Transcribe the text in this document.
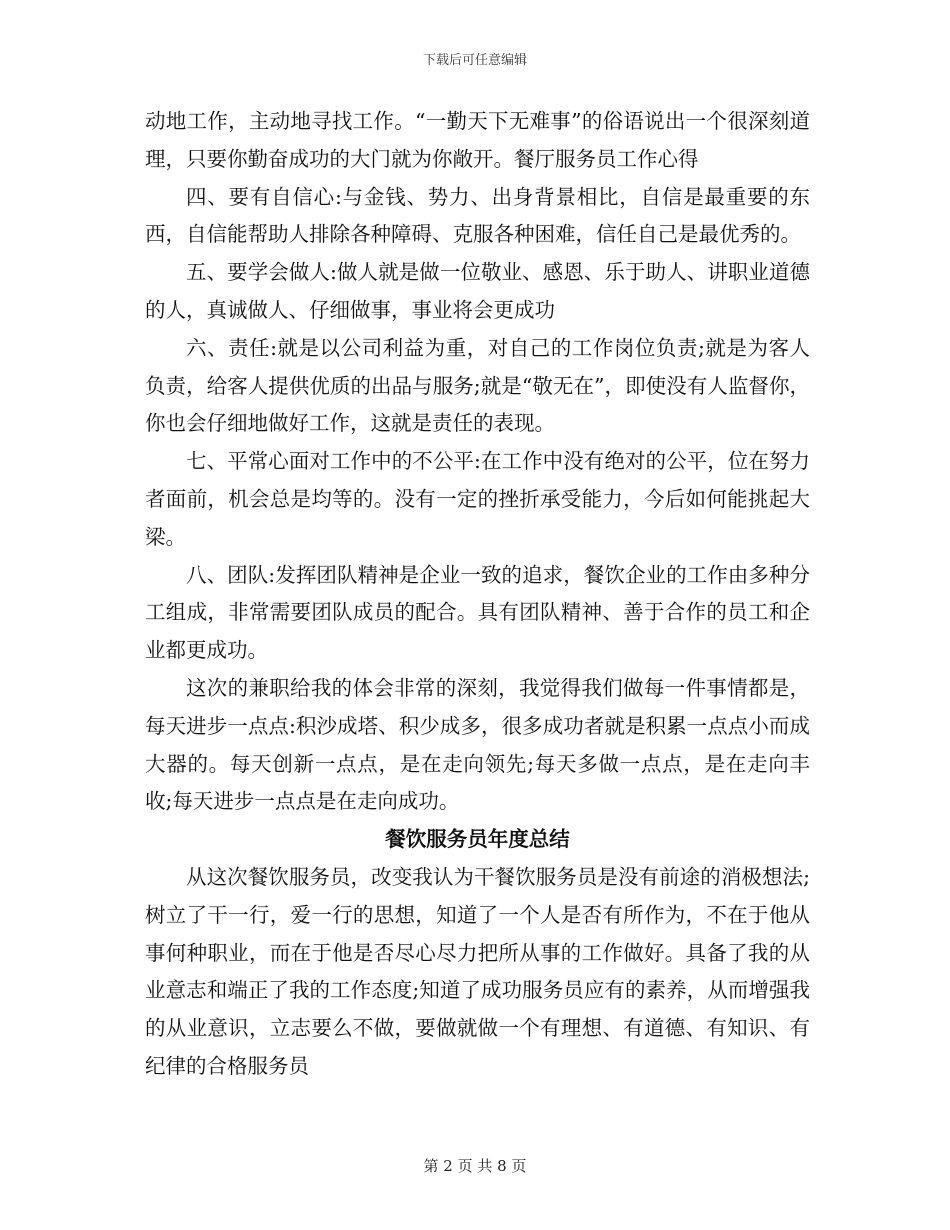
下载后可任意编辑

动地工作，主动地寻找工作。“一勤天下无难事”的俗语说出一个很深刻道理，只要你勤奋成功的大门就为你敞开。餐厅服务员工作心得

四、要有自信心:与金钱、势力、出身背景相比，自信是最重要的东西，自信能帮助人排除各种障碍、克服各种困难，信任自己是最优秀的。

五、要学会做人:做人就是做一位敬业、感恩、乐于助人、讲职业道德的人，真诚做人、仔细做事，事业将会更成功

六、责任:就是以公司利益为重，对自己的工作岗位负责;就是为客人负责，给客人提供优质的出品与服务;就是“敬无在”，即使没有人监督你，你也会仔细地做好工作，这就是责任的表现。

七、平常心面对工作中的不公平:在工作中没有绝对的公平，位在努力者面前，机会总是均等的。没有一定的挫折承受能力，今后如何能挑起大梁。

八、团队:发挥团队精神是企业一致的追求，餐饮企业的工作由多种分工组成，非常需要团队成员的配合。具有团队精神、善于合作的员工和企业都更成功。

这次的兼职给我的体会非常的深刻，我觉得我们做每一件事情都是，每天进步一点点:积沙成塔、积少成多，很多成功者就是积累一点点小而成大器的。每天创新一点点，是在走向领先;每天多做一点点，是在走向丰收;每天进步一点点是在走向成功。

餐饮服务员年度总结

从这次餐饮服务员，改变我认为干餐饮服务员是没有前途的消极想法;树立了干一行，爱一行的思想，知道了一个人是否有所作为，不在于他从事何种职业，而在于他是否尽心尽力把所从事的工作做好。具备了我的从业意志和端正了我的工作态度;知道了成功服务员应有的素养，从而增强我的从业意识，立志要么不做，要做就做一个有理想、有道德、有知识、有纪律的合格服务员

第 2 页 共 8 页
